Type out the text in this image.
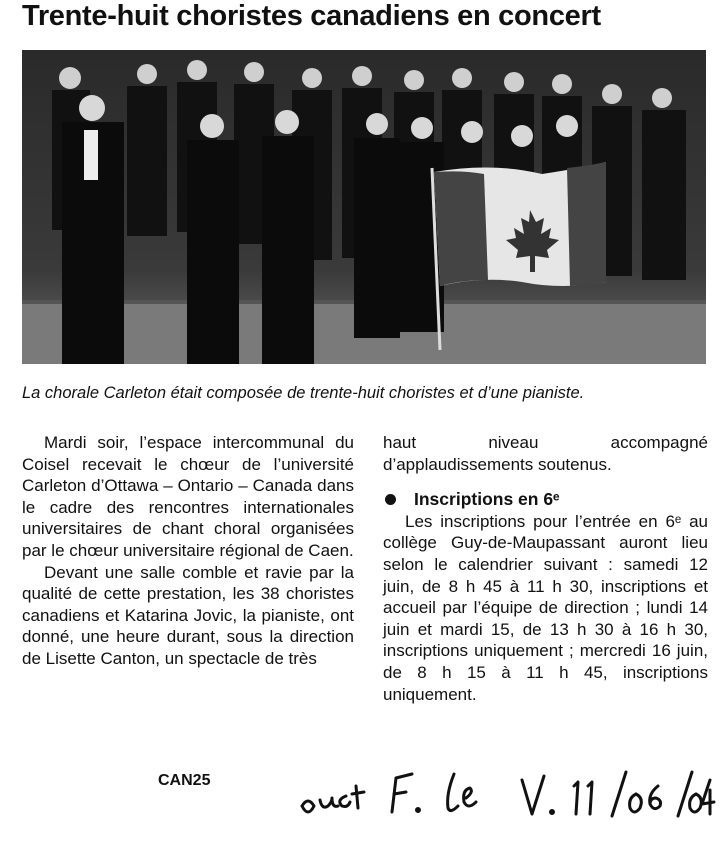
Trente-huit choristes canadiens en concert
La chorale Carleton était composée de trente-huit choristes et d’une pianiste.

Mardi soir, l’espace intercommunal du Coisel recevait le chœur de l’université Carleton d’Ottawa – Ontario – Canada dans le cadre des rencontres internationales universitaires de chant choral organisées par le chœur universitaire régional de Caen.

Devant une salle comble et ravie par la qualité de cette prestation, les 38 choristes canadiens et Katarina Jovic, la pianiste, ont donné, une heure durant, sous la direction de Lisette Canton, un spectacle de très

haut niveau accompagné d’applaudissements soutenus.

Inscriptions en 6ᵉ

Les inscriptions pour l’entrée en 6ᵉ au collège Guy-de-Maupassant auront lieu selon le calendrier suivant : samedi 12 juin, de 8 h 45 à 11 h 30, inscriptions et accueil par l’équipe de direction ; lundi 14 juin et mardi 15, de 13 h 30 à 16 h 30, inscriptions uniquement ; mercredi 16 juin, de 8 h 15 à 11 h 45, inscriptions uniquement.

CAN25
